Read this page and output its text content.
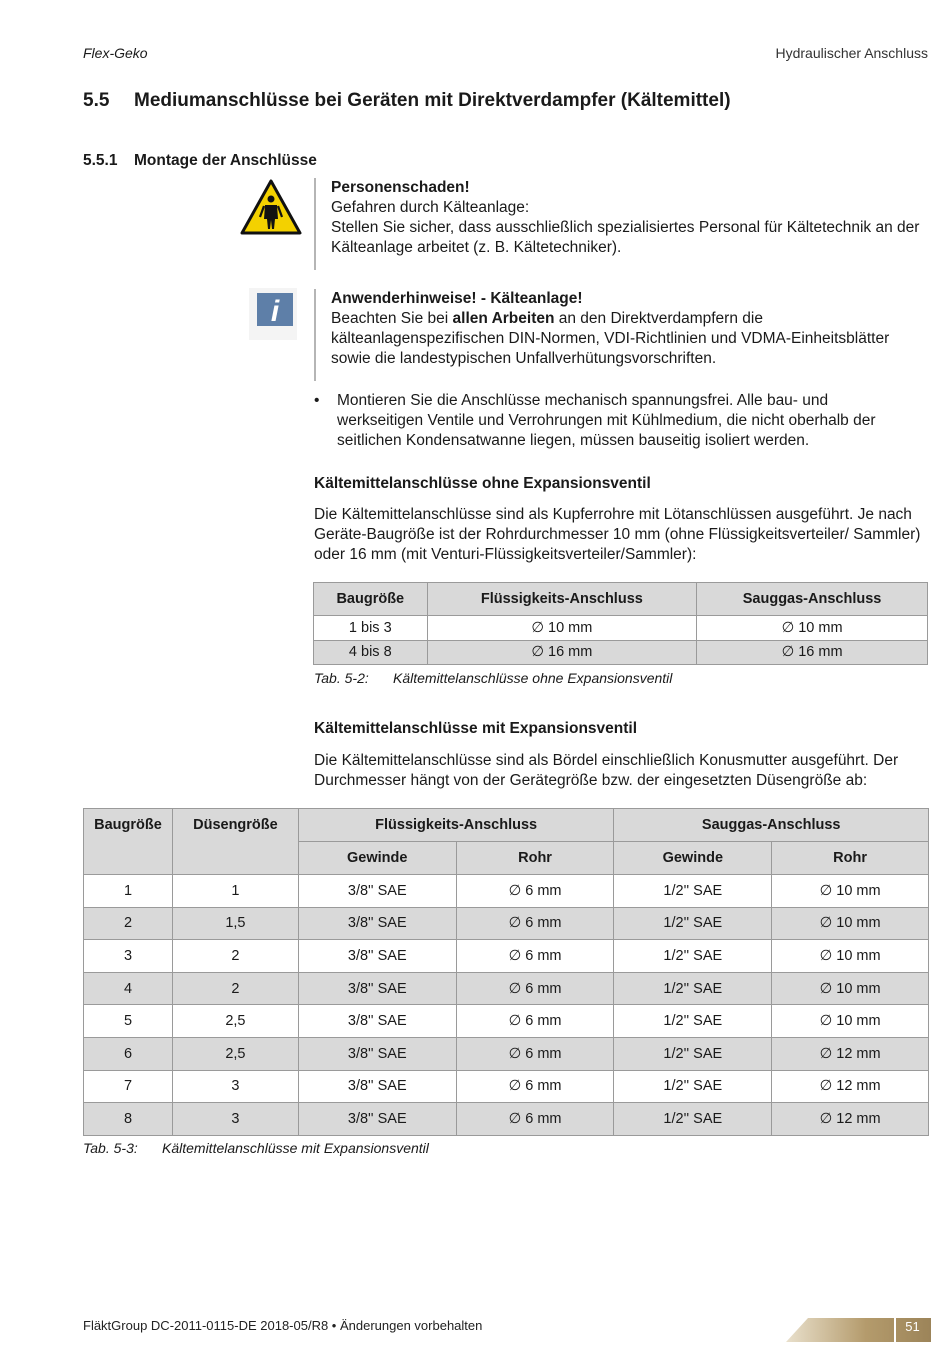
Flex-Geko	Hydraulischer Anschluss
5.5 Mediumanschlüsse bei Geräten mit Direktverdampfer (Kältemittel)
5.5.1 Montage der Anschlüsse
Personenschaden!
Gefahren durch Kälteanlage:
Stellen Sie sicher, dass ausschließlich spezialisiertes Personal für Kältetechnik an der Kälteanlage arbeitet (z. B. Kältetechniker).
i	Anwenderhinweise! - Kälteanlage!
Beachten Sie bei allen Arbeiten an den Direktverdampfern die kälteanlagenspezifischen DIN-Normen, VDI-Richtlinien und VDMA-Einheitsblätter sowie die landestypischen Unfallverhütungsvorschriften.
• Montieren Sie die Anschlüsse mechanisch spannungsfrei. Alle bau- und werkseitigen Ventile und Verrohrungen mit Kühlmedium, die nicht oberhalb der seitlichen Kondensatwanne liegen, müssen bauseitig isoliert werden.
Kältemittelanschlüsse ohne Expansionsventil
Die Kältemittelanschlüsse sind als Kupferrohre mit Lötanschlüssen ausgeführt. Je nach Geräte-Baugröße ist der Rohrdurchmesser 10 mm (ohne Flüssigkeitsverteiler/ Sammler) oder 16 mm (mit Venturi-Flüssigkeitsverteiler/Sammler):
Baugröße	Flüssigkeits-Anschluss	Sauggas-Anschluss
1 bis 3	∅ 10 mm	∅ 10 mm
4 bis 8	∅ 16 mm	∅ 16 mm
Tab. 5-2: Kältemittelanschlüsse ohne Expansionsventil
Kältemittelanschlüsse mit Expansionsventil
Die Kältemittelanschlüsse sind als Bördel einschließlich Konusmutter ausgeführt. Der Durchmesser hängt von der Gerätegröße bzw. der eingesetzten Düsengröße ab:
Baugröße	Düsengröße	Flüssigkeits-Anschluss		Sauggas-Anschluss	
		Gewinde	Rohr	Gewinde	Rohr
1	1	3/8'' SAE	∅ 6 mm	1/2'' SAE	∅ 10 mm
2	1,5	3/8'' SAE	∅ 6 mm	1/2'' SAE	∅ 10 mm
3	2	3/8'' SAE	∅ 6 mm	1/2'' SAE	∅ 10 mm
4	2	3/8'' SAE	∅ 6 mm	1/2'' SAE	∅ 10 mm
5	2,5	3/8'' SAE	∅ 6 mm	1/2'' SAE	∅ 10 mm
6	2,5	3/8'' SAE	∅ 6 mm	1/2'' SAE	∅ 12 mm
7	3	3/8'' SAE	∅ 6 mm	1/2'' SAE	∅ 12 mm
8	3	3/8'' SAE	∅ 6 mm	1/2'' SAE	∅ 12 mm
Tab. 5-3: Kältemittelanschlüsse mit Expansionsventil
FläktGroup DC-2011-0115-DE 2018-05/R8 • Änderungen vorbehalten	51
